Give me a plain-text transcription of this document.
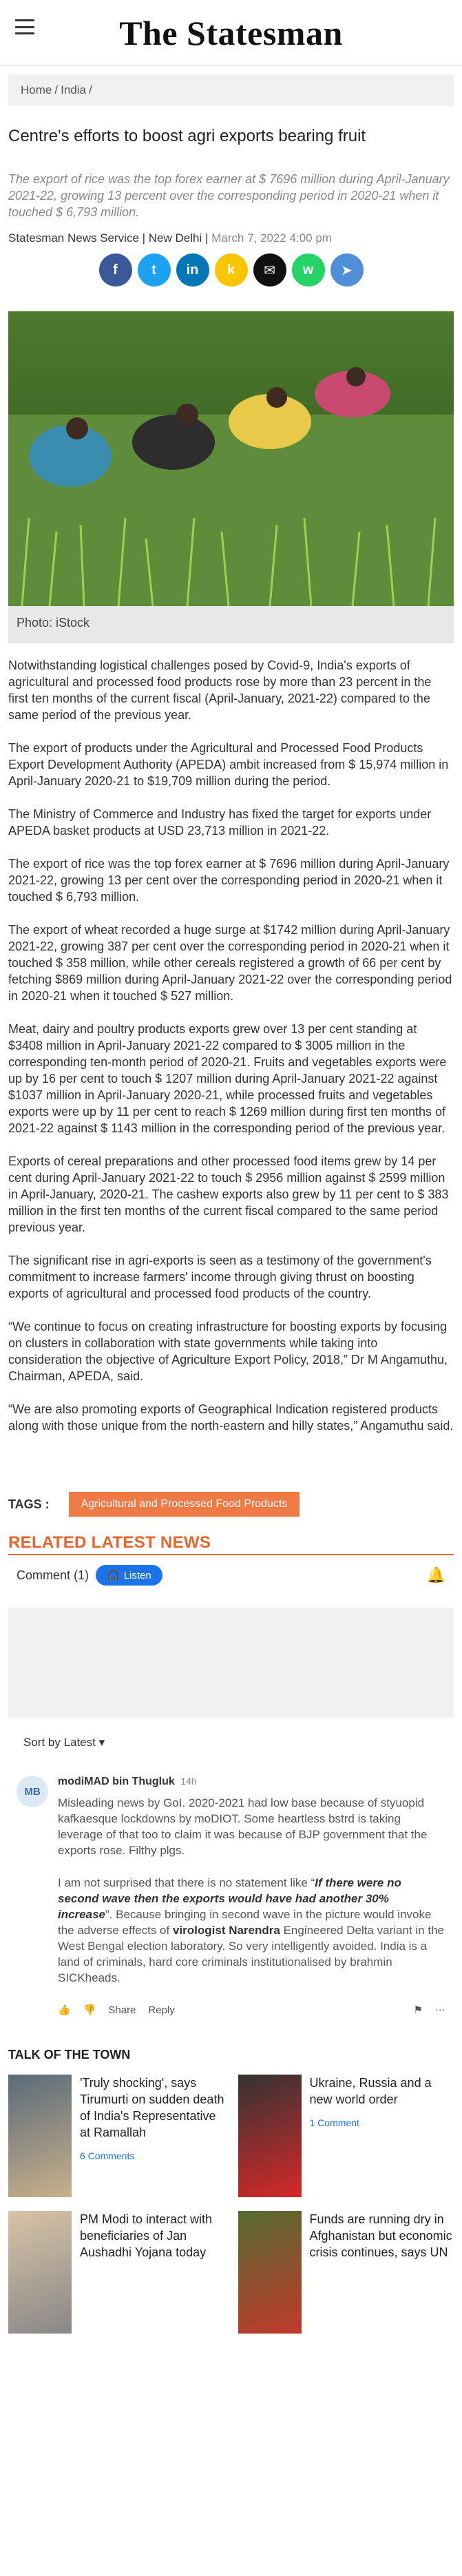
The Statesman
Home / India /
Centre's efforts to boost agri exports bearing fruit

The export of rice was the top forex earner at $ 7696 million during April-January 2021-22, growing 13 percent over the corresponding period in 2020-21 when it touched $ 6,793 million.

Statesman News Service | New Delhi | March 7, 2022 4:00 pm
f	t	in	k	✉	w	➤
Photo: iStock

Notwithstanding logistical challenges posed by Covid-9, India's exports of agricultural and processed food products rose by more than 23 percent in the first ten months of the current fiscal (April-January, 2021-22) compared to the same period of the previous year.

The export of products under the Agricultural and Processed Food Products Export Development Authority (APEDA) ambit increased from $ 15,974 million in April-January 2020-21 to $19,709 million during the period.

The Ministry of Commerce and Industry has fixed the target for exports under APEDA basket products at USD 23,713 million in 2021-22.

The export of rice was the top forex earner at $ 7696 million during April-January 2021-22, growing 13 per cent over the corresponding period in 2020-21 when it touched $ 6,793 million.

The export of wheat recorded a huge surge at $1742 million during April-January 2021-22, growing 387 per cent over the corresponding period in 2020-21 when it touched $ 358 million, while other cereals registered a growth of 66 per cent by fetching $869 million during April-January 2021-22 over the corresponding period in 2020-21 when it touched $ 527 million.

Meat, dairy and poultry products exports grew over 13 per cent standing at $3408 million in April-January 2021-22 compared to $ 3005 million in the corresponding ten-month period of 2020-21. Fruits and vegetables exports were up by 16 per cent to touch $ 1207 million during April-January 2021-22 against $1037 million in April-January 2020-21, while processed fruits and vegetables exports were up by 11 per cent to reach $ 1269 million during first ten months of 2021-22 against $ 1143 million in the corresponding period of the previous year.

Exports of cereal preparations and other processed food items grew by 14 per cent during April-January 2021-22 to touch $ 2956 million against $ 2599 million in April-January, 2020-21. The cashew exports also grew by 11 per cent to $ 383 million in the first ten months of the current fiscal compared to the same period previous year.

The significant rise in agri-exports is seen as a testimony of the government's commitment to increase farmers' income through giving thrust on boosting exports of agricultural and processed food products of the country.

“We continue to focus on creating infrastructure for boosting exports by focusing on clusters in collaboration with state governments while taking into consideration the objective of Agriculture Export Policy, 2018,” Dr M Angamuthu, Chairman, APEDA, said.

“We are also promoting exports of Geographical Indication registered products along with those unique from the north-eastern and hilly states,” Angamuthu said.

TAGS :	Agricultural and Processed Food Products
RELATED LATEST NEWS
Comment (1) 🎧 Listen	🔔
Sort by Latest ▾
MB
modiMAD bin Thugluk 14h

Misleading news by GoI. 2020-2021 had low base because of styuopid kafkaesque lockdowns by moDIOT. Some heartless bstrd is taking leverage of that too to claim it was because of BJP government that the exports rose. Filthy plgs.

I am not surprised that there is no statement like “If there were no second wave then the exports would have had another 30% increase”. Because bringing in second wave in the picture would invoke the adverse effects of virologist Narendra Engineered Delta variant in the West Bengal election laboratory. So very intelligently avoided. India is a land of criminals, hard core criminals institutionalised by brahmin SICKheads.

👍 👎 Share Reply	⚑ ⋯
TALK OF THE TOWN
'Truly shocking', says Tirumurti on sudden death of India's Representative at Ramallah
6 Comments
Ukraine, Russia and a new world order
1 Comment
PM Modi to interact with beneficiaries of Jan Aushadhi Yojana today
Funds are running dry in Afghanistan but economic crisis continues, says UN
